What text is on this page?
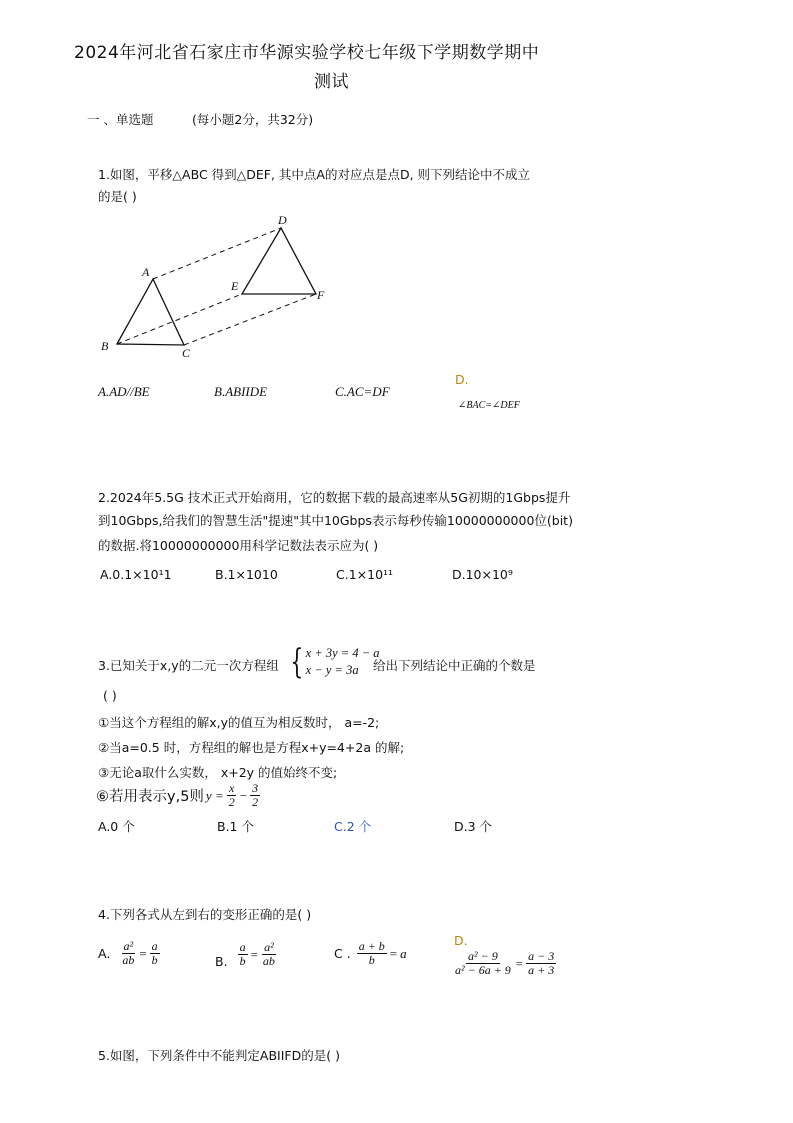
2024年河北省石家庄市华源实验学校七年级下学期数学期中
测试
一 、单选题	(每小题2分，共32分)
1.如图，平移△ABC 得到△DEF, 其中点A的对应点是点D, 则下列结论中不成立
的是( )
A
B	C
D
E
F
A.AD//BE	B.ABIIDE	C.AC=DF
D.
∠BAC=∠DEF
2.2024年5.5G 技术正式开始商用，它的数据下载的最高速率从5G初期的1Gbps提升
到10Gbps,给我们的智慧生活"提速"其中10Gbps表示每秒传输10000000000位(bit)
的数据.将10000000000用科学记数法表示应为( )
A.0.1×10¹1	B.1×1010	C.1×10¹¹	D.10×10⁹
3.已知关于x,y的二元一次方程组 { x + 3y = 4 − a
x − y = 3a	给出下列结论中正确的个数是
( )
①当这个方程组的解x,y的值互为相反数时， a=-2;
②当a=0.5 时，方程组的解也是方程x+y=4+2a 的解;
③无论a取什么实数， x+2y 的值始终不变;
⑥若用表示y,5则 $y = \frac{x}{2} - \frac{3}{2}$
A.0 个	B.1 个	C.2 个	D.3 个
4.下列各式从左到右的变形正确的是( )
A. $\frac{\text{a²}}{ab} = \frac{a}{b}$	B. $\frac{a}{b} = \frac{\text{a²}}{ab}$	C . $\frac{a + b}{b} = a$
D.
$\frac{\text{a² − 9}}{\text{a² − 6a + 9}} = \frac{a - 3}{a + 3}$
5.如图，下列条件中不能判定ABIIFD的是( )
